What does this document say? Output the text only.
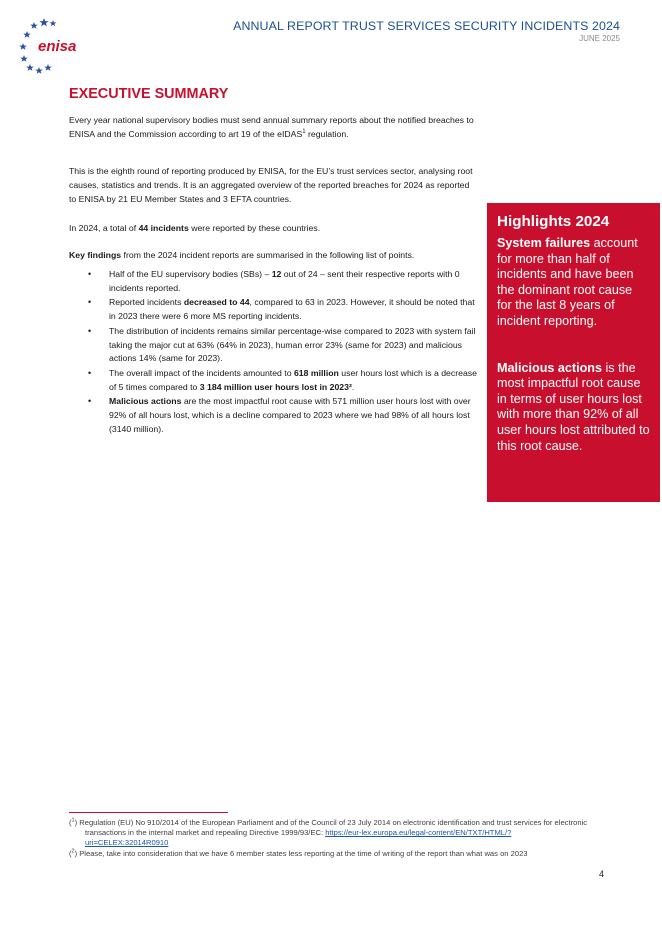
enisa
ANNUAL REPORT TRUST SERVICES SECURITY INCIDENTS 2024
JUNE 2025
EXECUTIVE SUMMARY
Every year national supervisory bodies must send annual summary reports about the notified breaches to ENISA and the Commission according to art 19 of the eIDAS$^1$ regulation.
This is the eighth round of reporting produced by ENISA, for the EU’s trust services sector, analysing root causes, statistics and trends. It is an aggregated overview of the reported breaches for 2024 as reported to ENISA by 21 EU Member States and 3 EFTA countries.
In 2024, a total of 44 incidents were reported by these countries.
Key findings from the 2024 incident reports are summarised in the following list of points.
• Half of the EU supervisory bodies (SBs) – 12 out of 24 – sent their respective reports with 0 incidents reported.
• Reported incidents decreased to 44, compared to 63 in 2023. However, it should be noted that in 2023 there were 6 more MS reporting incidents.
• The distribution of incidents remains similar percentage-wise compared to 2023 with system fail taking the major cut at 63% (64% in 2023), human error 23% (same for 2023) and malicious actions 14% (same for 2023).
• The overall impact of the incidents amounted to 618 million user hours lost which is a decrease of 5 times compared to 3 184 million user hours lost in 2023².
• Malicious actions are the most impactful root cause with 571 million user hours lost with over 92% of all hours lost, which is a decline compared to 2023 where we had 98% of all hours lost (3140 million).
Highlights 2024
System failures account for more than half of incidents and have been the dominant root cause for the last 8 years of incident reporting.
Malicious actions is the most impactful root cause in terms of user hours lost with more than 92% of all user hours lost attributed to this root cause.
($^1$) Regulation (EU) No 910/2014 of the European Parliament and of the Council of 23 July 2014 on electronic identification and trust services for electronic transactions in the internal market and repealing Directive 1999/93/EC: https://eur-lex.europa.eu/legal-content/EN/TXT/HTML/?uri=CELEX:32014R0910
($^2$) Please, take into consideration that we have 6 member states less reporting at the time of writing of the report than what was on 2023
4
